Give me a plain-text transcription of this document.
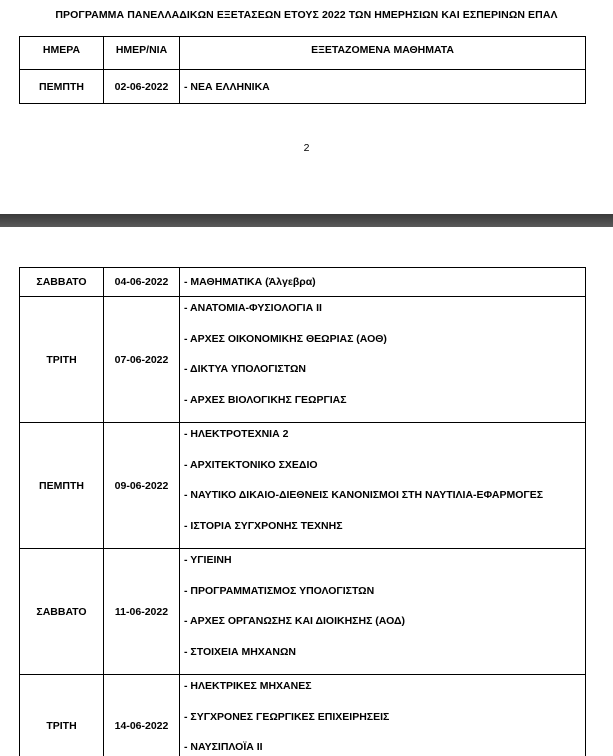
ΠΡΟΓΡΑΜΜΑ ΠΑΝΕΛΛΑΔΙΚΩΝ ΕΞΕΤΑΣΕΩΝ ΕΤΟΥΣ 2022 ΤΩΝ ΗΜΕΡΗΣΙΩΝ ΚΑΙ ΕΣΠΕΡΙΝΩΝ ΕΠΑΛ
ΗΜΕΡΑ	ΗΜΕΡ/ΝΙΑ	ΕΞΕΤΑΖΟΜΕΝΑ ΜΑΘΗΜΑΤΑ
ΠΕΜΠΤΗ	02-06-2022	- ΝΕΑ ΕΛΛΗΝΙΚΑ
2
ΣΑΒΒΑΤΟ	04-06-2022	- ΜΑΘΗΜΑΤΙΚΑ (Άλγεβρα)
ΤΡΙΤΗ	07-06-2022	- ΑΝΑΤΟΜΙΑ-ΦΥΣΙΟΛΟΓΙΑ ΙΙ
- ΑΡΧΕΣ ΟΙΚΟΝΟΜΙΚΗΣ ΘΕΩΡΙΑΣ (ΑΟΘ)
- ΔΙΚΤΥΑ ΥΠΟΛΟΓΙΣΤΩΝ
- ΑΡΧΕΣ ΒΙΟΛΟΓΙΚΗΣ ΓΕΩΡΓΙΑΣ

ΠΕΜΠΤΗ	09-06-2022	- ΗΛΕΚΤΡΟΤΕΧΝΙΑ 2
- ΑΡΧΙΤΕΚΤΟΝΙΚΟ ΣΧΕΔΙΟ
- ΝΑΥΤΙΚΟ ΔΙΚΑΙΟ-ΔΙΕΘΝΕΙΣ ΚΑΝΟΝΙΣΜΟΙ ΣΤΗ ΝΑΥΤΙΛΙΑ-ΕΦΑΡΜΟΓΕΣ
- ΙΣΤΟΡΙΑ ΣΥΓΧΡΟΝΗΣ ΤΕΧΝΗΣ

ΣΑΒΒΑΤΟ	11-06-2022	- ΥΓΙΕΙΝΗ
- ΠΡΟΓΡΑΜΜΑΤΙΣΜΟΣ ΥΠΟΛΟΓΙΣΤΩΝ
- ΑΡΧΕΣ ΟΡΓΑΝΩΣΗΣ ΚΑΙ ΔΙΟΙΚΗΣΗΣ (ΑΟΔ)
- ΣΤΟΙΧΕΙΑ ΜΗΧΑΝΩΝ

ΤΡΙΤΗ	14-06-2022	- ΗΛΕΚΤΡΙΚΕΣ ΜΗΧΑΝΕΣ
- ΣΥΓΧΡΟΝΕΣ ΓΕΩΡΓΙΚΕΣ ΕΠΙΧΕΙΡΗΣΕΙΣ
- ΝΑΥΣΙΠΛΟΪΑ ΙΙ
